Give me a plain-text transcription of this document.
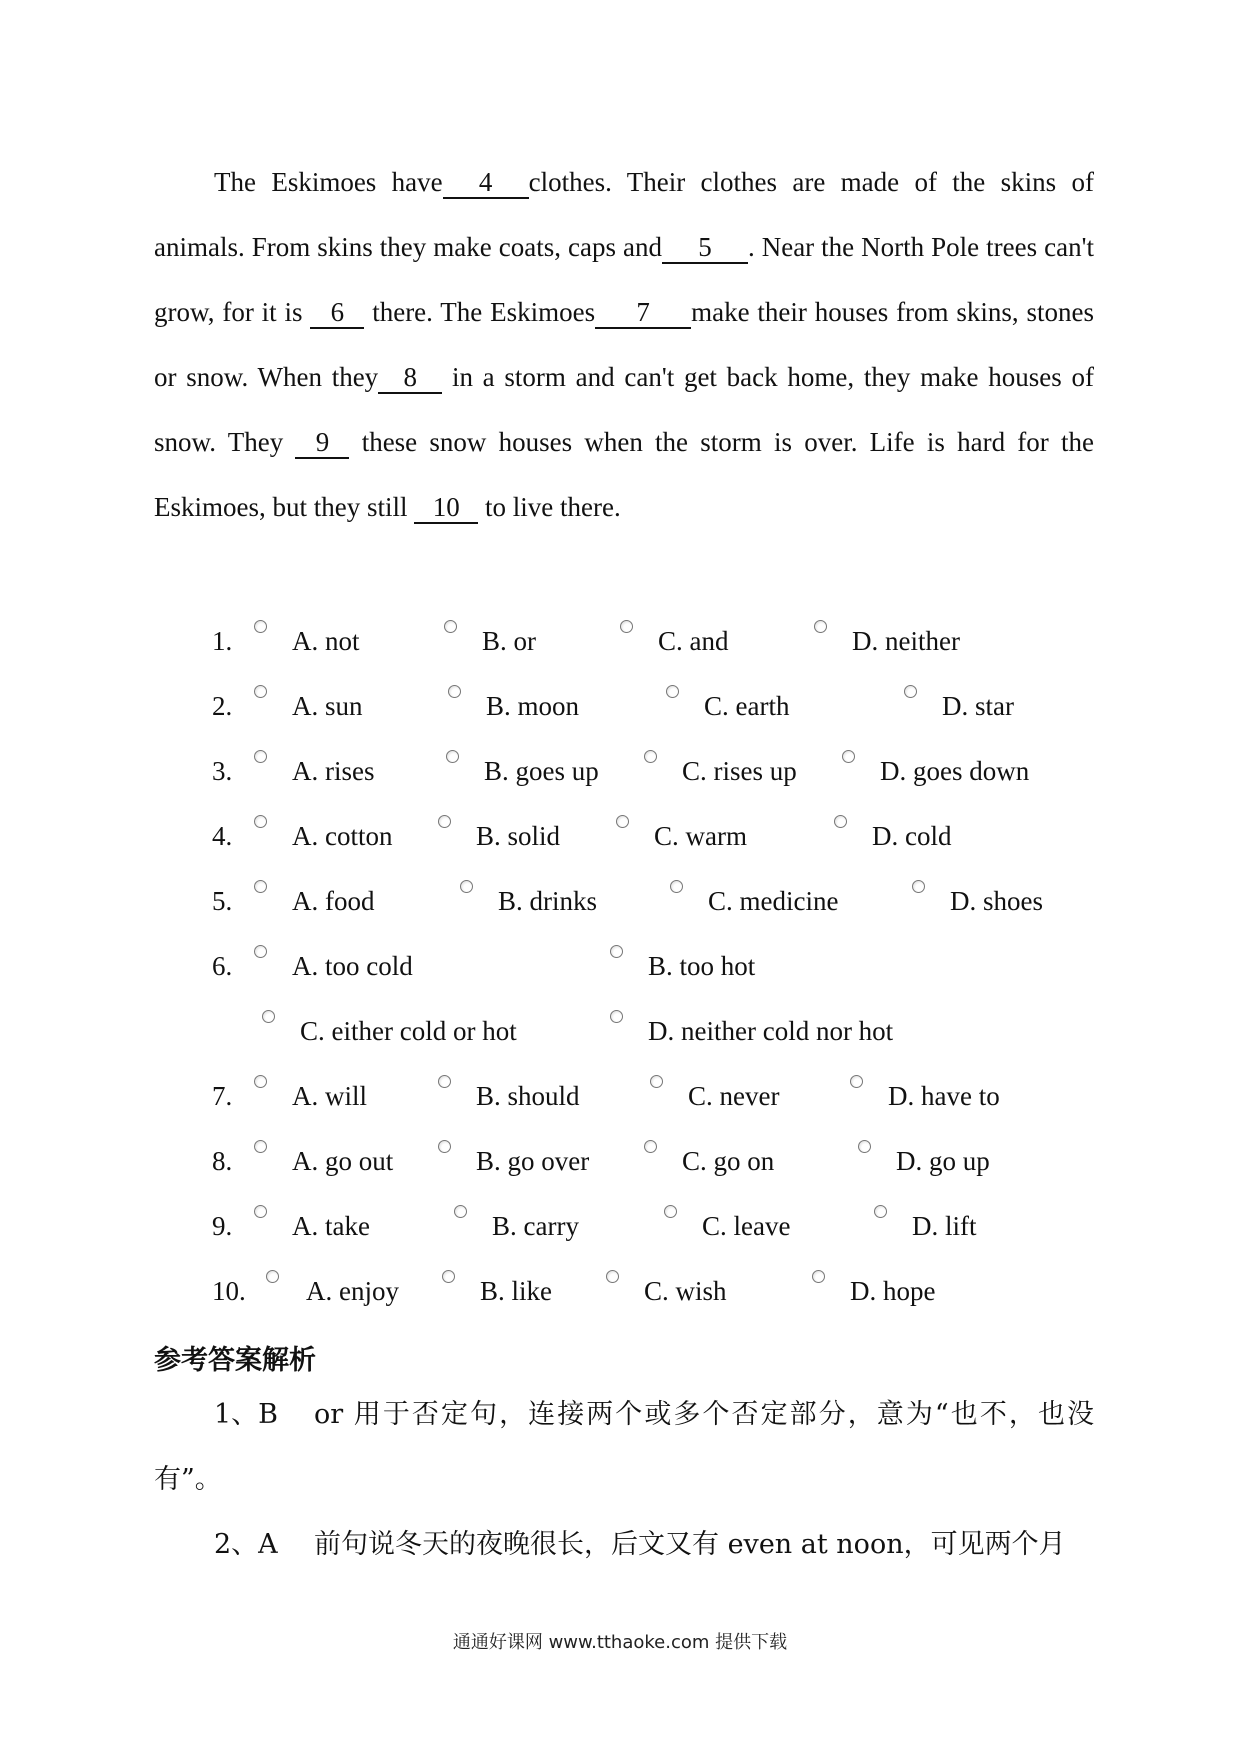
The Eskimoes have 4 clothes. Their clothes are made of the skins of animals. From skins they make coats, caps and 5 . Near the North Pole trees can't grow, for it is 6 there. The Eskimoes 7 make their houses from skins, stones or snow. When they 8 in a storm and can't get back home, they make houses of snow. They 9 these snow houses when the storm is over. Life is hard for the Eskimoes, but they still 10 to live there.

1. A. not	B. or	C. and	D. neither
2. A. sun	B. moon	C. earth	D. star
3. A. rises	B. goes up	C. rises up	D. goes down
4. A. cotton	B. solid	C. warm	D. cold
5. A. food	B. drinks	C. medicine	D. shoes
6. A. too cold	B. too hot
C. either cold or hot	D. neither cold nor hot
7. A. will	B. should	C. never	D. have to
8. A. go out	B. go over	C. go on	D. go up
9. A. take	B. carry	C. leave	D. lift
10. A. enjoy	B. like	C. wish	D. hope
参考答案解析

1、B or 用于否定句，连接两个或多个否定部分，意为“也不，也没有”。

2、A 前句说冬天的夜晚很长，后文又有 even at noon，可见两个月

通通好课网 www.tthaoke.com 提供下载
